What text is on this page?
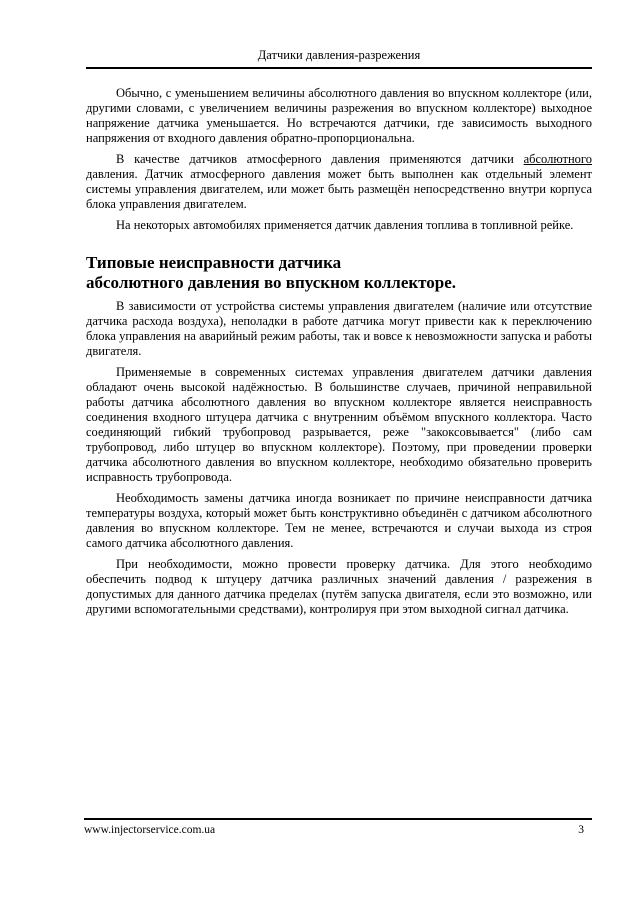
Датчики давления-разрежения

Обычно, с уменьшением величины абсолютного давления во впускном коллекторе (или, другими словами, с увеличением величины разрежения во впускном коллекторе) выходное напряжение датчика уменьшается. Но встречаются датчики, где зависимость выходного напряжения от входного давления обратно-пропорциональна.

В качестве датчиков атмосферного давления применяются датчики абсолютного давления. Датчик атмосферного давления может быть выполнен как отдельный элемент системы управления двигателем, или может быть размещён непосредственно внутри корпуса блока управления двигателем.

На некоторых автомобилях применяется датчик давления топлива в топливной рейке.

Типовые неисправности датчика
абсолютного давления во впускном коллекторе.

В зависимости от устройства системы управления двигателем (наличие или отсутствие датчика расхода воздуха), неполадки в работе датчика могут привести как к переключению блока управления на аварийный режим работы, так и вовсе к невозможности запуска и работы двигателя.

Применяемые в современных системах управления двигателем датчики давления обладают очень высокой надёжностью. В большинстве случаев, причиной неправильной работы датчика абсолютного давления во впускном коллекторе является неисправность соединения входного штуцера датчика с внутренним объёмом впускного коллектора. Часто соединяющий гибкий трубопровод разрывается, реже "закоксовывается" (либо сам трубопровод, либо штуцер во впускном коллекторе). Поэтому, при проведении проверки датчика абсолютного давления во впускном коллекторе, необходимо обязательно проверить исправность трубопровода.

Необходимость замены датчика иногда возникает по причине неисправности датчика температуры воздуха, который может быть конструктивно объединён с датчиком абсолютного давления во впускном коллекторе. Тем не менее, встречаются и случаи выхода из строя самого датчика абсолютного давления.

При необходимости, можно провести проверку датчика. Для этого необходимо обеспечить подвод к штуцеру датчика различных значений давления / разрежения в допустимых для данного датчика пределах (путём запуска двигателя, если это возможно, или другими вспомогательными средствами), контролируя при этом выходной сигнал датчика.

www.injectorservice.com.ua	3
